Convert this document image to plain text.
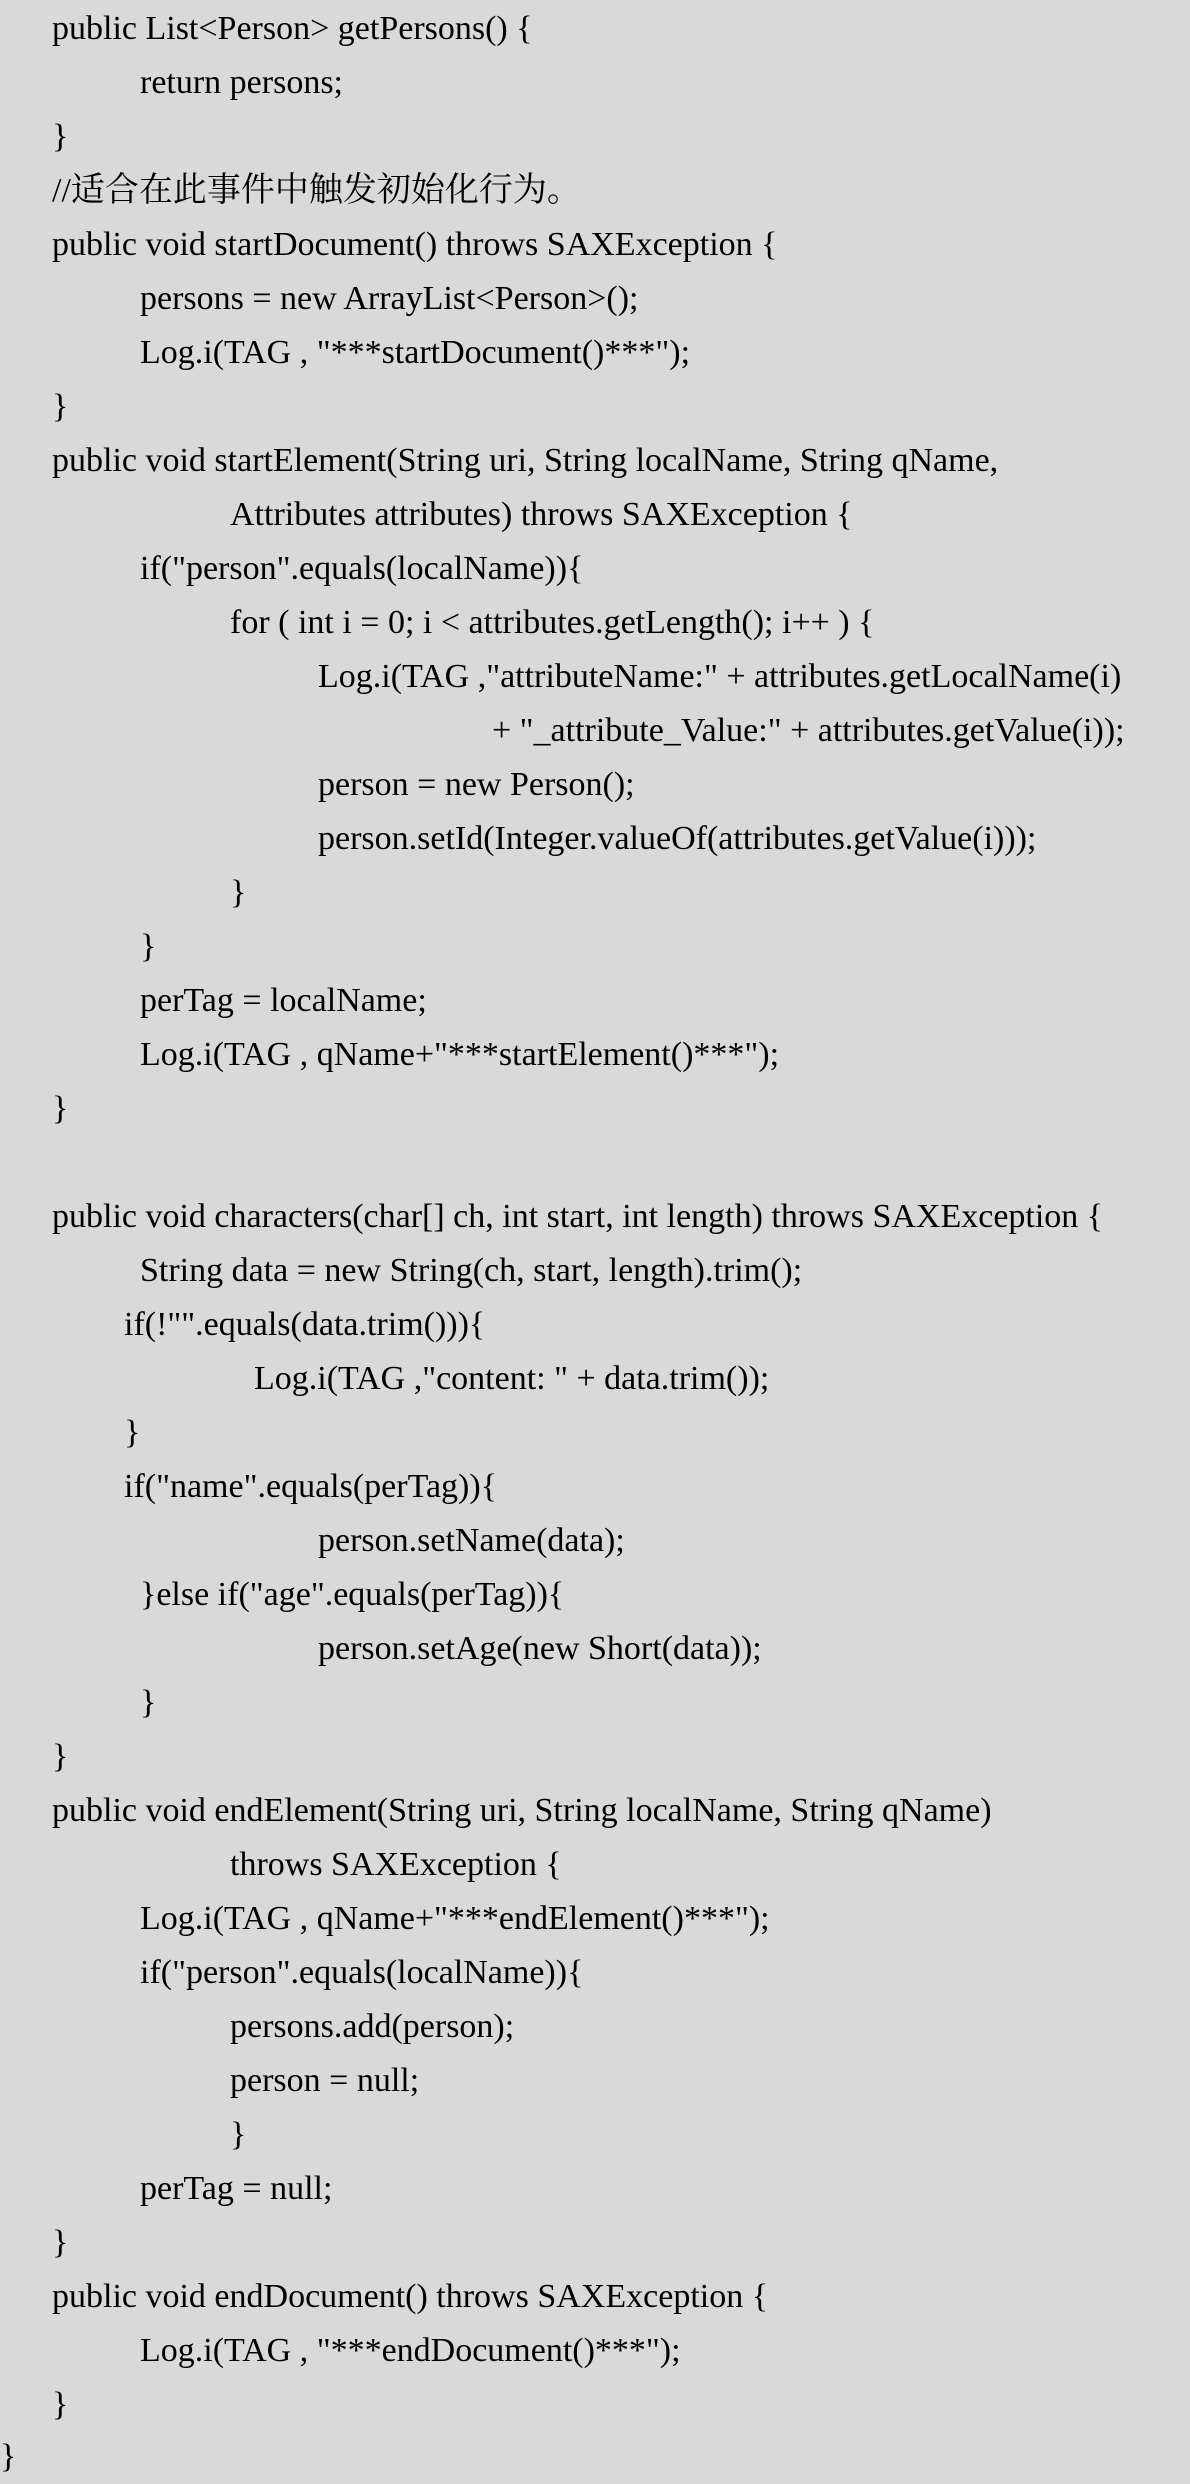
public List<Person> getPersons() {
return persons;
}
//适合在此事件中触发初始化行为。
public void startDocument() throws SAXException {
persons = new ArrayList<Person>();
Log.i(TAG , "***startDocument()***");
}
public void startElement(String uri, String localName, String qName,
Attributes attributes) throws SAXException {
if("person".equals(localName)){
for ( int i = 0; i < attributes.getLength(); i++ ) {
Log.i(TAG ,"attributeName:" + attributes.getLocalName(i)
+ "_attribute_Value:" + attributes.getValue(i));
person = new Person();
person.setId(Integer.valueOf(attributes.getValue(i)));
}
}
perTag = localName;
Log.i(TAG , qName+"***startElement()***");
}
public void characters(char[] ch, int start, int length) throws SAXException {
String data = new String(ch, start, length).trim();
if(!"".equals(data.trim())){
Log.i(TAG ,"content: " + data.trim());
}
if("name".equals(perTag)){
person.setName(data);
}else if("age".equals(perTag)){
person.setAge(new Short(data));
}
}
public void endElement(String uri, String localName, String qName)
throws SAXException {
Log.i(TAG , qName+"***endElement()***");
if("person".equals(localName)){
persons.add(person);
person = null;
}
perTag = null;
}
public void endDocument() throws SAXException {
Log.i(TAG , "***endDocument()***");
}
}
